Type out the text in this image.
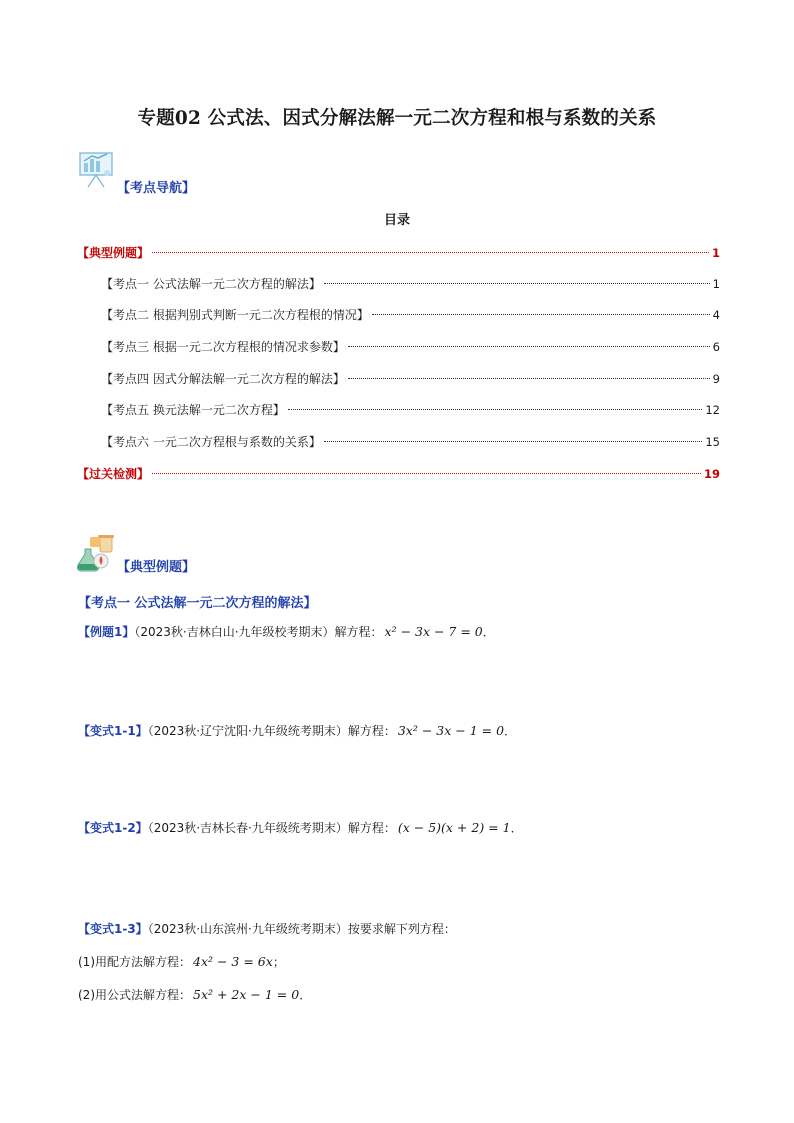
专题02 公式法、因式分解法解一元二次方程和根与系数的关系
【考点导航】
目录
【典型例题】	1
【考点一 公式法解一元二次方程的解法】	1
【考点二 根据判别式判断一元二次方程根的情况】	4
【考点三 根据一元二次方程根的情况求参数】	6
【考点四 因式分解法解一元二次方程的解法】	9
【考点五 换元法解一元二次方程】	12
【考点六 一元二次方程根与系数的关系】	15
【过关检测】	19
【典型例题】
【考点一 公式法解一元二次方程的解法】
【例题1】（2023秋·吉林白山·九年级校考期末）解方程： x² − 3x − 7 = 0．
【变式1-1】（2023秋·辽宁沈阳·九年级统考期末）解方程： 3x² − 3x − 1 = 0．
【变式1-2】（2023秋·吉林长春·九年级统考期末）解方程： (x − 5)(x + 2) = 1．
【变式1-3】（2023秋·山东滨州·九年级统考期末）按要求解下列方程：
(1)用配方法解方程： 4x² − 3 = 6x；
(2)用公式法解方程： 5x² + 2x − 1 = 0．
